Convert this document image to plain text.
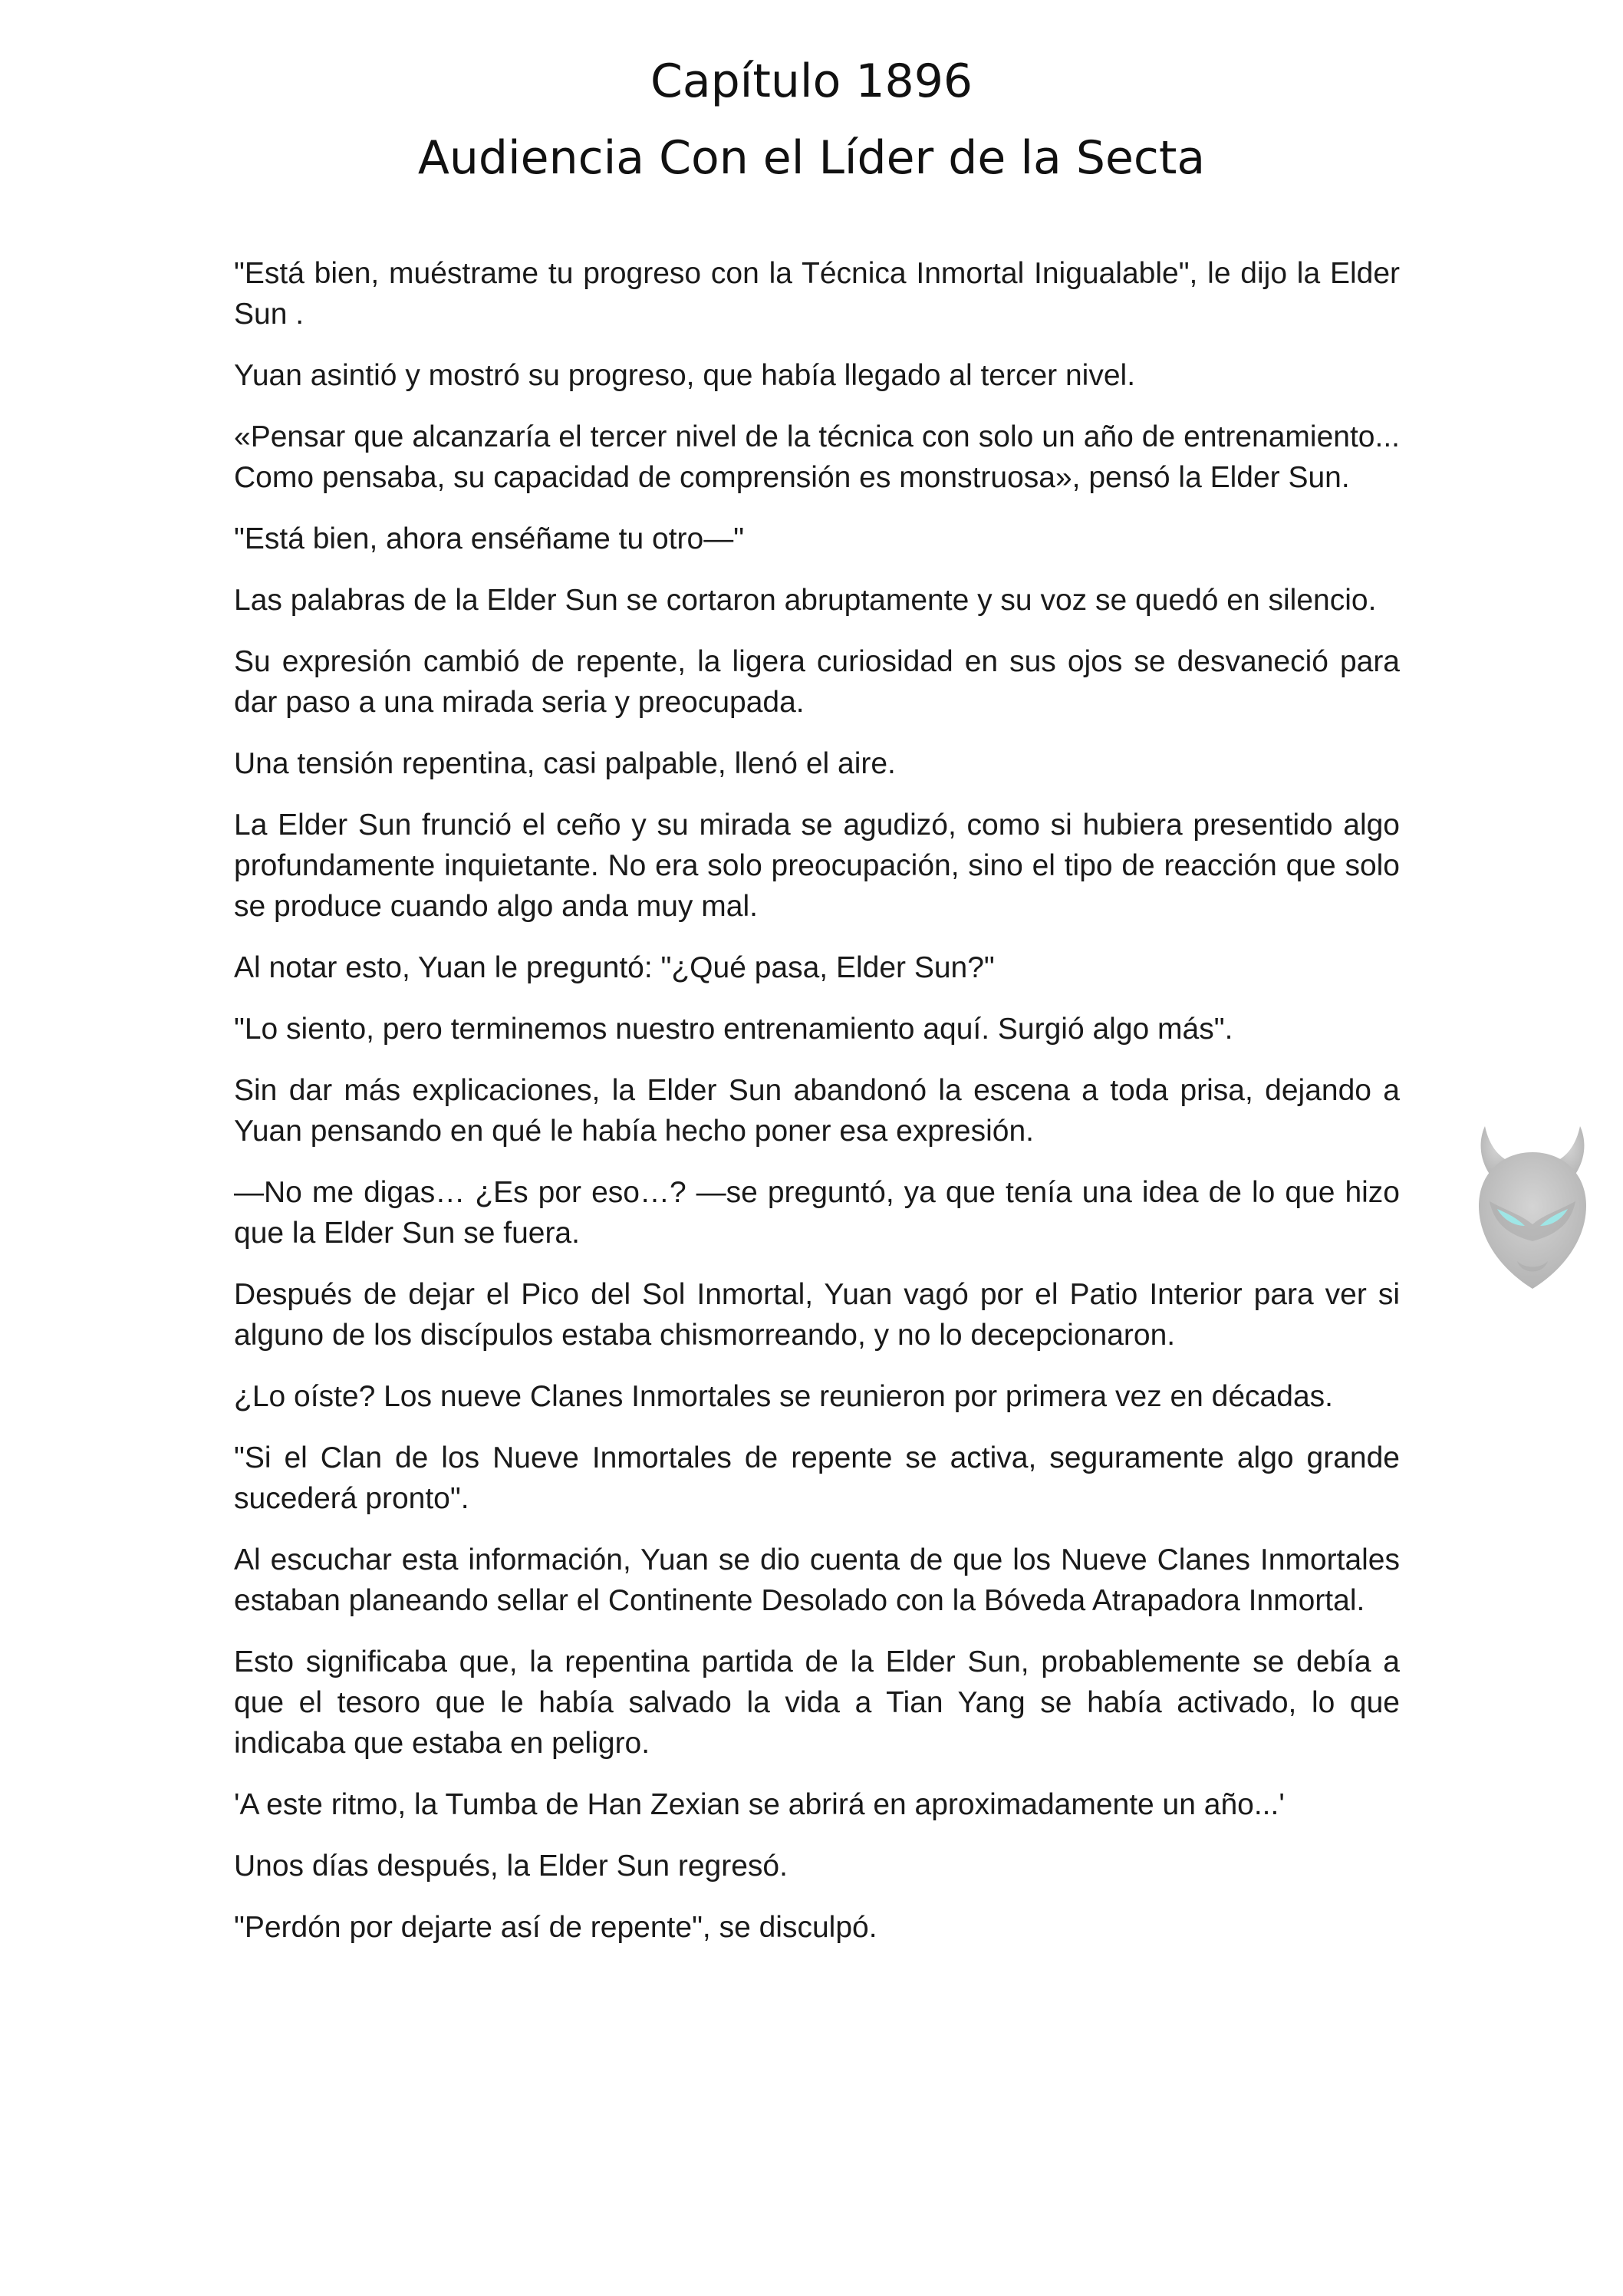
Capítulo 1896
Audiencia Con el Líder de la Secta

"Está bien, muéstrame tu progreso con la Técnica Inmortal Inigualable", le dijo la Elder Sun .

Yuan asintió y mostró su progreso, que había llegado al tercer nivel.

«Pensar que alcanzaría el tercer nivel de la técnica con solo un año de entrenamiento... Como pensaba, su capacidad de comprensión es monstruosa», pensó la Elder Sun.

"Está bien, ahora enséñame tu otro—"

Las palabras de la Elder Sun se cortaron abruptamente y su voz se quedó en silencio.

Su expresión cambió de repente, la ligera curiosidad en sus ojos se desvaneció para dar paso a una mirada seria y preocupada.

Una tensión repentina, casi palpable, llenó el aire.

La Elder Sun frunció el ceño y su mirada se agudizó, como si hubiera presentido algo profundamente inquietante. No era solo preocupación, sino el tipo de reacción que solo se produce cuando algo anda muy mal.

Al notar esto, Yuan le preguntó: "¿Qué pasa, Elder Sun?"

"Lo siento, pero terminemos nuestro entrenamiento aquí. Surgió algo más".

Sin dar más explicaciones, la Elder Sun abandonó la escena a toda prisa, dejando a Yuan pensando en qué le había hecho poner esa expresión.

—No me digas… ¿Es por eso…? —se preguntó, ya que tenía una idea de lo que hizo que la Elder Sun se fuera.

Después de dejar el Pico del Sol Inmortal, Yuan vagó por el Patio Interior para ver si alguno de los discípulos estaba chismorreando, y no lo decepcionaron.

¿Lo oíste? Los nueve Clanes Inmortales se reunieron por primera vez en décadas.

"Si el Clan de los Nueve Inmortales de repente se activa, seguramente algo grande sucederá pronto".

Al escuchar esta información, Yuan se dio cuenta de que los Nueve Clanes Inmortales estaban planeando sellar el Continente Desolado con la Bóveda Atrapadora Inmortal.

Esto significaba que, la repentina partida de la Elder Sun, probablemente se debía a que el tesoro que le había salvado la vida a Tian Yang se había activado, lo que indicaba que estaba en peligro.

'A este ritmo, la Tumba de Han Zexian se abrirá en aproximadamente un año...'

Unos días después, la Elder Sun regresó.

"Perdón por dejarte así de repente", se disculpó.
